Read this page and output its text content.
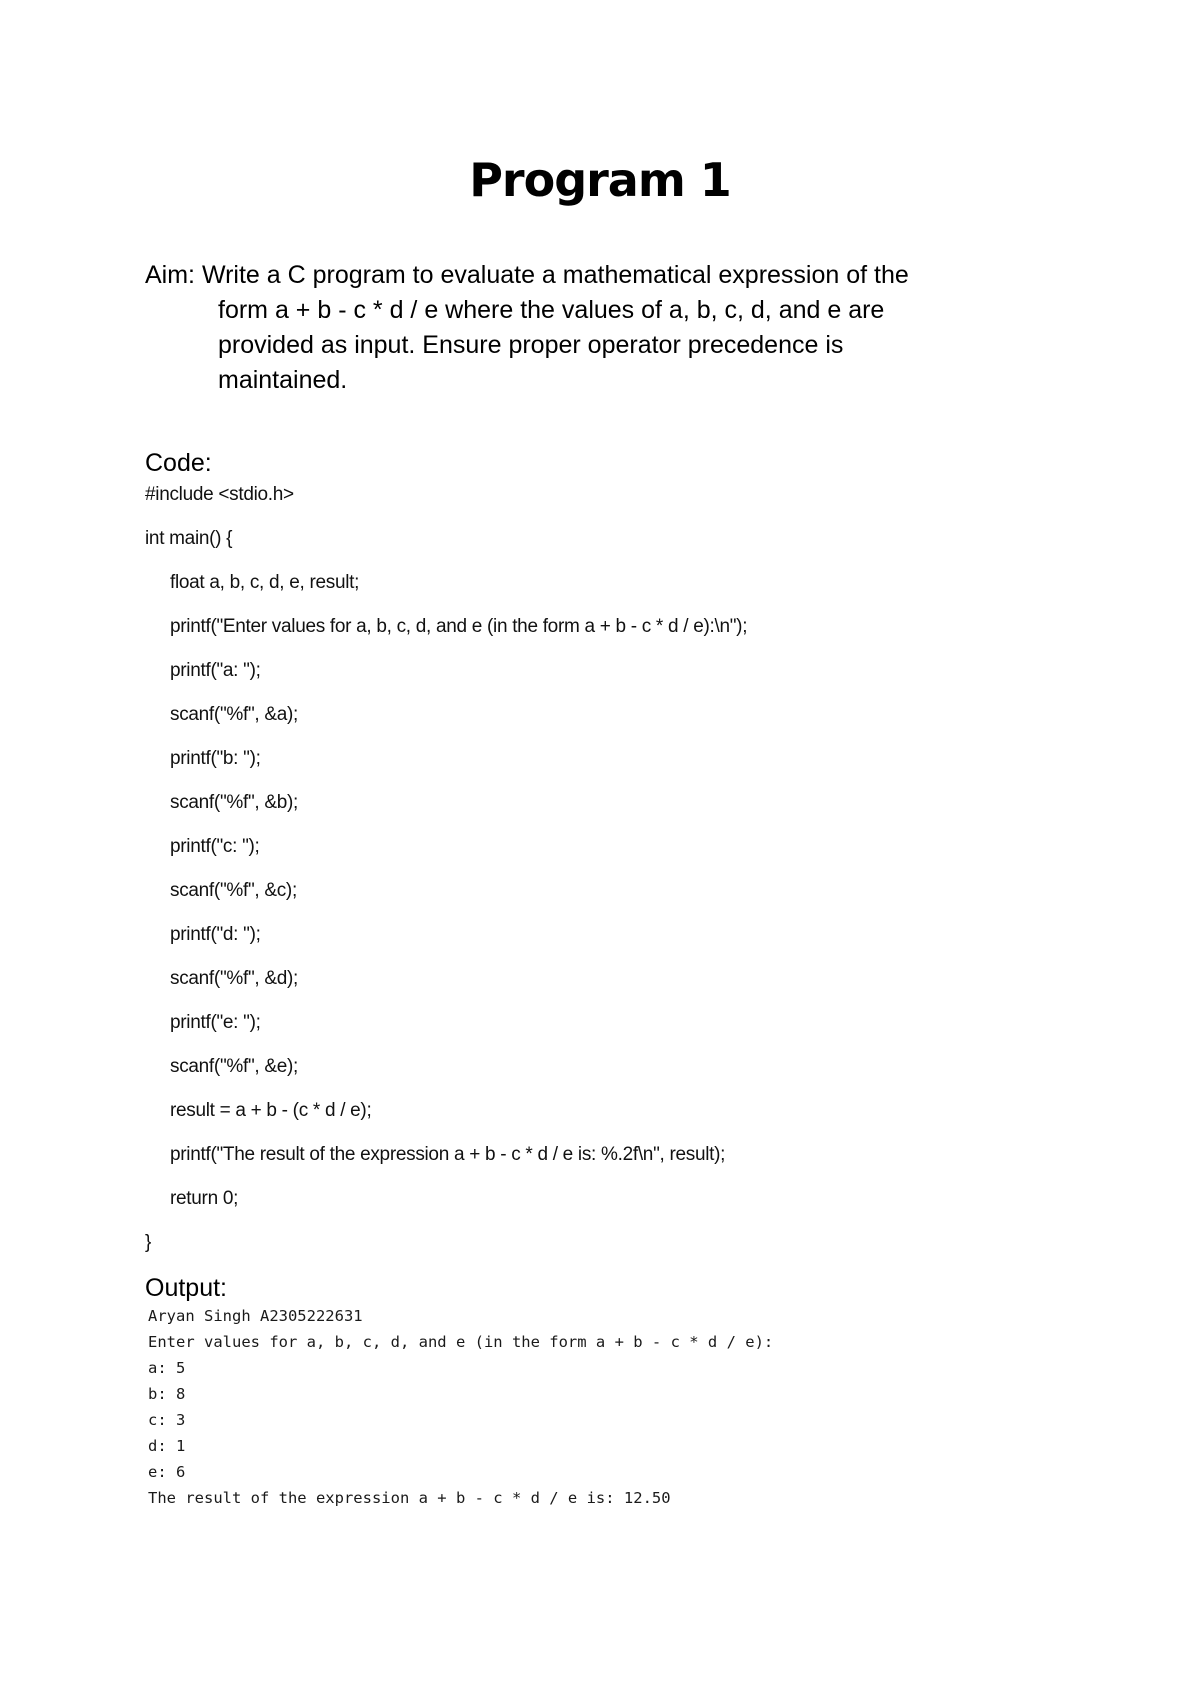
Program 1
Aim: Write a C program to evaluate a mathematical expression of the
form a + b - c * d / e where the values of a, b, c, d, and e are
provided as input. Ensure proper operator precedence is
maintained.
Code:
#include <stdio.h>
int main() {
float a, b, c, d, e, result;
printf("Enter values for a, b, c, d, and e (in the form a + b - c * d / e):\n");
printf("a: ");
scanf("%f", &a);
printf("b: ");
scanf("%f", &b);
printf("c: ");
scanf("%f", &c);
printf("d: ");
scanf("%f", &d);
printf("e: ");
scanf("%f", &e);
result = a + b - (c * d / e);
printf("The result of the expression a + b - c * d / e is: %.2f\n", result);
return 0;
}
Output:
Aryan Singh A2305222631
Enter values for a, b, c, d, and e (in the form a + b - c * d / e):
a: 5
b: 8
c: 3
d: 1
e: 6
The result of the expression a + b - c * d / e is: 12.50
